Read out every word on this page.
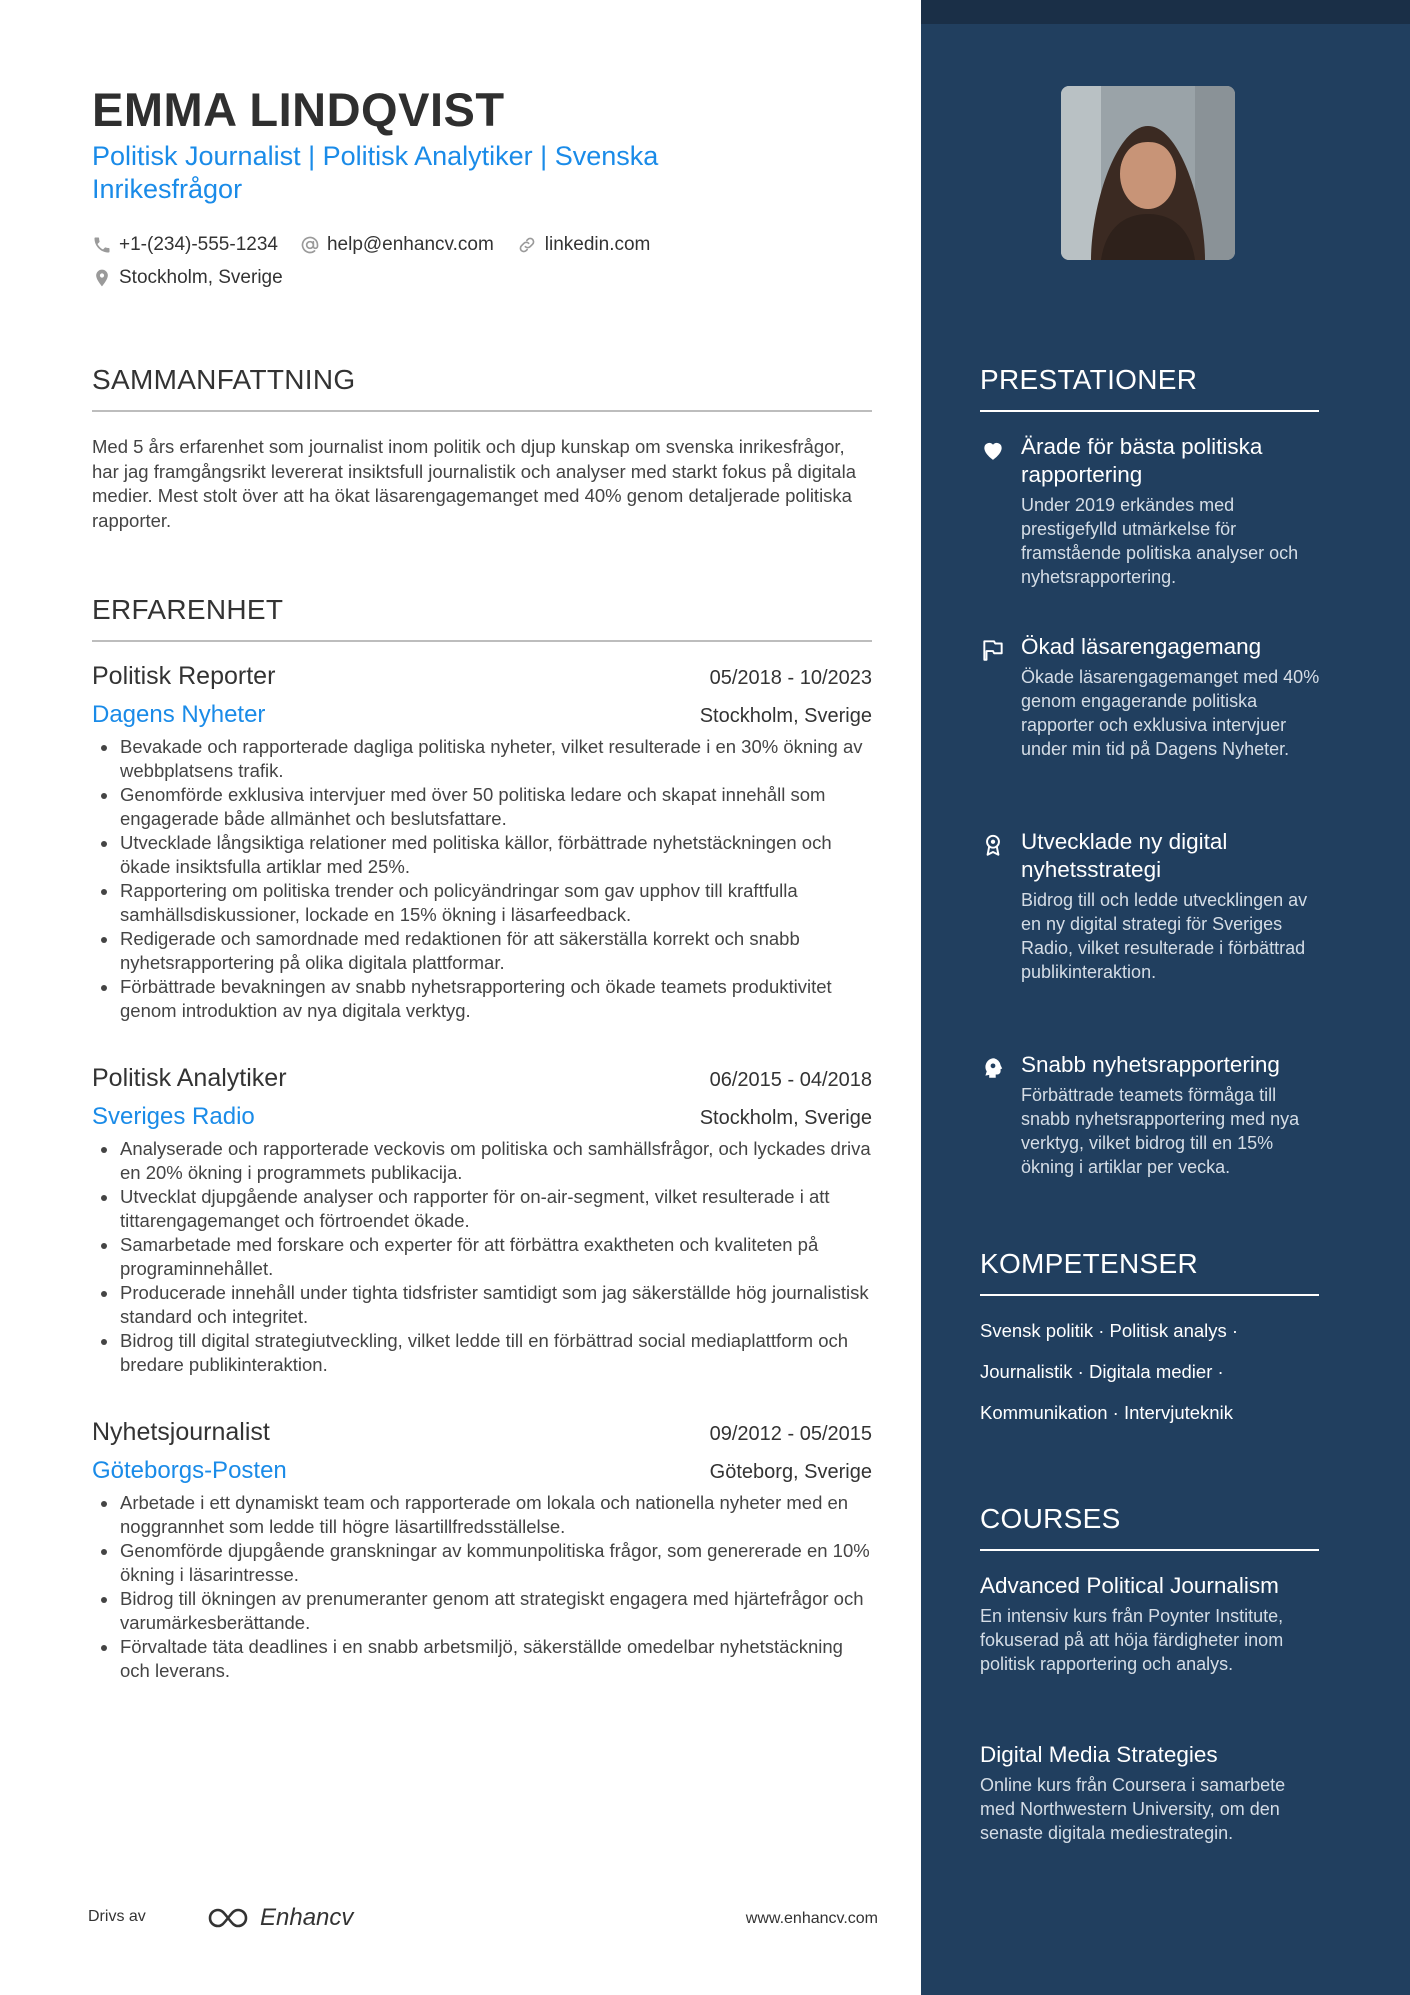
EMMA LINDQVIST
Politisk Journalist | Politisk Analytiker | Svenska Inrikesfrågor
+1-(234)-555-1234	help@enhancv.com	linkedin.com
Stockholm, Sverige
SAMMANFATTNING
Med 5 års erfarenhet som journalist inom politik och djup kunskap om svenska inrikesfrågor, har jag framgångsrikt levererat insiktsfull journalistik och analyser med starkt fokus på digitala medier. Mest stolt över att ha ökat läsarengagemanget med 40% genom detaljerade politiska rapporter.
ERFARENHET
Politisk Reporter	05/2018 - 10/2023
Dagens Nyheter	Stockholm, Sverige
Bevakade och rapporterade dagliga politiska nyheter, vilket resulterade i en 30% ökning av webbplatsens trafik.
Genomförde exklusiva intervjuer med över 50 politiska ledare och skapat innehåll som engagerade både allmänhet och beslutsfattare.
Utvecklade långsiktiga relationer med politiska källor, förbättrade nyhetstäckningen och ökade insiktsfulla artiklar med 25%.
Rapportering om politiska trender och policyändringar som gav upphov till kraftfulla samhällsdiskussioner, lockade en 15% ökning i läsarfeedback.
Redigerade och samordnade med redaktionen för att säkerställa korrekt och snabb nyhetsrapportering på olika digitala plattformar.
Förbättrade bevakningen av snabb nyhetsrapportering och ökade teamets produktivitet genom introduktion av nya digitala verktyg.
Politisk Analytiker	06/2015 - 04/2018
Sveriges Radio	Stockholm, Sverige
Analyserade och rapporterade veckovis om politiska och samhällsfrågor, och lyckades driva en 20% ökning i programmets publikacija.
Utvecklat djupgående analyser och rapporter för on-air-segment, vilket resulterade i att tittarengagemanget och förtroendet ökade.
Samarbetade med forskare och experter för att förbättra exaktheten och kvaliteten på programinnehållet.
Producerade innehåll under tighta tidsfrister samtidigt som jag säkerställde hög journalistisk standard och integritet.
Bidrog till digital strategiutveckling, vilket ledde till en förbättrad social mediaplattform och bredare publikinteraktion.
Nyhetsjournalist	09/2012 - 05/2015
Göteborgs-Posten	Göteborg, Sverige
Arbetade i ett dynamiskt team och rapporterade om lokala och nationella nyheter med en noggrannhet som ledde till högre läsartillfredsställelse.
Genomförde djupgående granskningar av kommunpolitiska frågor, som genererade en 10% ökning i läsarintresse.
Bidrog till ökningen av prenumeranter genom att strategiskt engagera med hjärtefrågor och varumärkesberättande.
Förvaltade täta deadlines i en snabb arbetsmiljö, säkerställde omedelbar nyhetstäckning och leverans.
Drivs av	Enhancv	www.enhancv.com
PRESTATIONER
Ärade för bästa politiska rapportering
Under 2019 erkändes med prestigefylld utmärkelse för framstående politiska analyser och nyhetsrapportering.
Ökad läsarengagemang
Ökade läsarengagemanget med 40% genom engagerande politiska rapporter och exklusiva intervjuer under min tid på Dagens Nyheter.
Utvecklade ny digital nyhetsstrategi
Bidrog till och ledde utvecklingen av en ny digital strategi för Sveriges Radio, vilket resulterade i förbättrad publikinteraktion.
Snabb nyhetsrapportering
Förbättrade teamets förmåga till snabb nyhetsrapportering med nya verktyg, vilket bidrog till en 15% ökning i artiklar per vecka.
KOMPETENSER
Svensk politik · Politisk analys ·
Journalistik · Digitala medier ·
Kommunikation · Intervjuteknik
COURSES
Advanced Political Journalism
En intensiv kurs från Poynter Institute, fokuserad på att höja färdigheter inom politisk rapportering och analys.
Digital Media Strategies
Online kurs från Coursera i samarbete med Northwestern University, om den senaste digitala mediestrategin.
